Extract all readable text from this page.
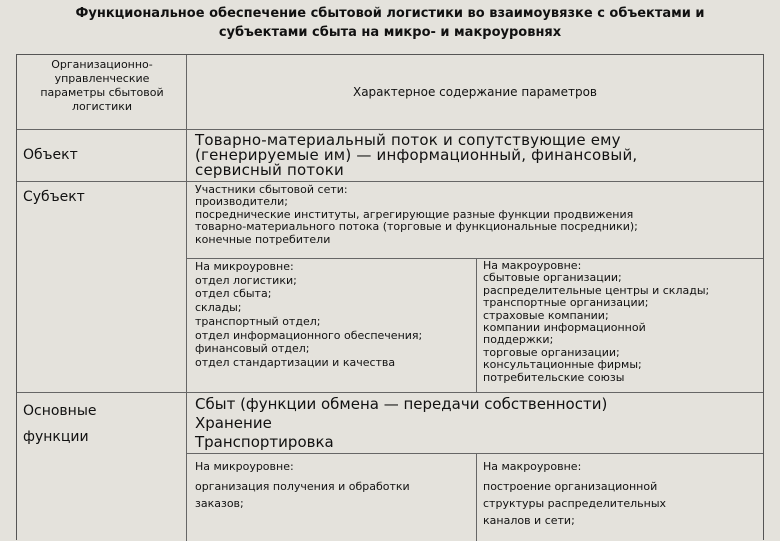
Функциональное обеспечение сбытовой логистики во взаимоувязке с объектами и
субъектами сбыта на микро- и макроуровнях
Организационно-
управленческие
параметры сбытовой
логистики
Характерное содержание параметров
Объект
Товарно-материальный поток и сопутствующие ему
(генерируемые им) — информационный, финансовый,
сервисный потоки
Субъект	Участники сбытовой сети:
производители;
посреднические институты, агрегирующие разные функции продвижения
товарно-материального потока (торговые и функциональные посредники);
конечные потребители
На микроуровне:
отдел логистики;
отдел сбыта;
склады;
транспортный отдел;
отдел информационного обеспечения;
финансовый отдел;
отдел стандартизации и качества
На макроуровне:
сбытовые организации;
распределительные центры и склады;
транспортные организации;
страховые компании;
компании информационной
поддержки;
торговые организации;
консультационные фирмы;
потребительские союзы
Основные
функции
Сбыт (функции обмена — передачи собственности)
Хранение
Транспортировка
На микроуровне:
организация получения и обработки
заказов;
На макроуровне:
построение организационной
структуры распределительных
каналов и сети;
